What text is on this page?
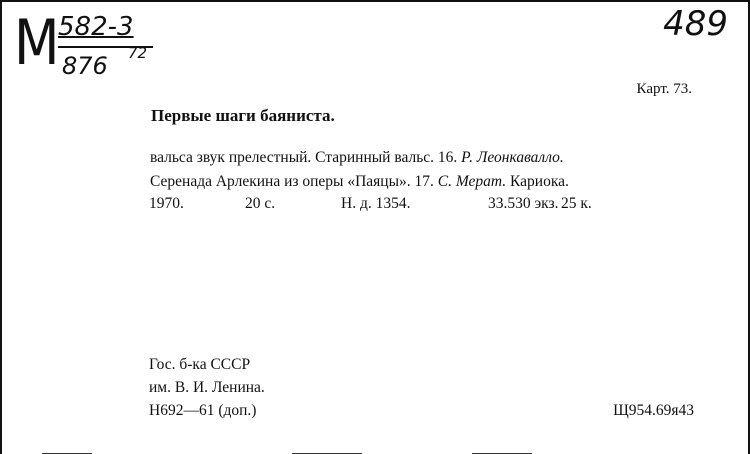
М 582-3
876 72
489
Карт. 73.
Первые шаги баяниста.
вальса звук прелестный. Старинный вальс. 16. Р. Леонкавалло.
Серенада Арлекина из оперы «Паяцы». 17. С. Мерат. Кариока.
1970.	20 с.	Н. д. 1354.	33.530 экз. 25 к.
Гос. б-ка СССР
им. В. И. Ленина.
Н692—61 (доп.)	Щ954.69я43
